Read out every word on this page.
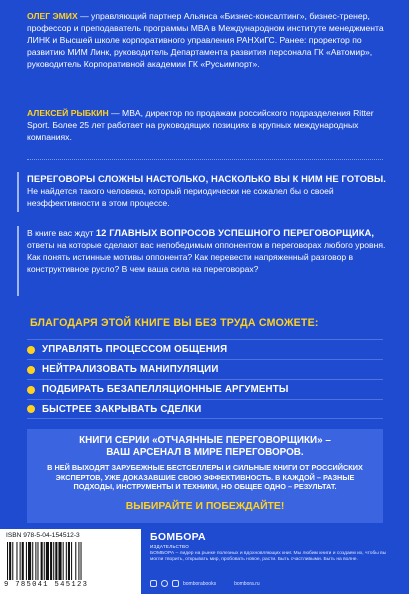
ОЛЕГ ЭМИХ — управляющий партнер Альянса «Бизнес-консалтинг», бизнес-тренер, профессор и преподаватель программы MBA в Международном институте менеджмента ЛИНК и Высшей школе корпоративного управления РАНХиГС. Ранее: проректор по развитию МИМ Линк, руководитель Департамента развития персонала ГК «Автомир», руководитель Корпоративной академии ГК «Русьимпорт».
АЛЕКСЕЙ РЫБКИН — MBA, директор по продажам российского подразделения Ritter Sport. Более 25 лет работает на руководящих позициях в крупных международных компаниях.
ПЕРЕГОВОРЫ СЛОЖНЫ НАСТОЛЬКО, НАСКОЛЬКО ВЫ К НИМ НЕ ГОТОВЫ. Не найдется такого человека, который периодически не сожалел бы о своей неэффективности в этом процессе.
В книге вас ждут 12 ГЛАВНЫХ ВОПРОСОВ УСПЕШНОГО ПЕРЕГОВОРЩИКА, ответы на которые сделают вас непобедимым оппонентом в переговорах любого уровня. Как понять истинные мотивы оппонента? Как перевести напряженный разговор в конструктивное русло? В чем ваша сила на переговорах?
БЛАГОДАРЯ ЭТОЙ КНИГЕ ВЫ БЕЗ ТРУДА СМОЖЕТЕ:
УПРАВЛЯТЬ ПРОЦЕССОМ ОБЩЕНИЯ
НЕЙТРАЛИЗОВАТЬ МАНИПУЛЯЦИИ
ПОДБИРАТЬ БЕЗАПЕЛЛЯЦИОННЫЕ АРГУМЕНТЫ
БЫСТРЕЕ ЗАКРЫВАТЬ СДЕЛКИ
КНИГИ СЕРИИ «ОТЧАЯННЫЕ ПЕРЕГОВОРЩИКИ» –
ВАШ АРСЕНАЛ В МИРЕ ПЕРЕГОВОРОВ.
В НЕЙ ВЫХОДЯТ ЗАРУБЕЖНЫЕ БЕСТСЕЛЛЕРЫ И СИЛЬНЫЕ КНИГИ ОТ РОССИЙСКИХ ЭКСПЕРТОВ, УЖЕ ДОКАЗАВШИЕ СВОЮ ЭФФЕКТИВНОСТЬ. В КАЖДОЙ – РАЗНЫЕ ПОДХОДЫ, ИНСТРУМЕНТЫ И ТЕХНИКИ, НО ОБЩЕЕ ОДНО – РЕЗУЛЬТАТ.
ВЫБИРАЙТЕ И ПОБЕЖДАЙТЕ!
ISBN 978-5-04-154512-3
9 785041 545123
БОМБОРА
ИЗДАТЕЛЬСТВО
БОМБОРА – лидер на рынке полезных и вдохновляющих книг. Мы любим книги и создаем их, чтобы вы могли творить, открывать мир, пробовать новое, расти. Быть счастливыми. Быть на волне.
bomborabooks	bombora.ru
